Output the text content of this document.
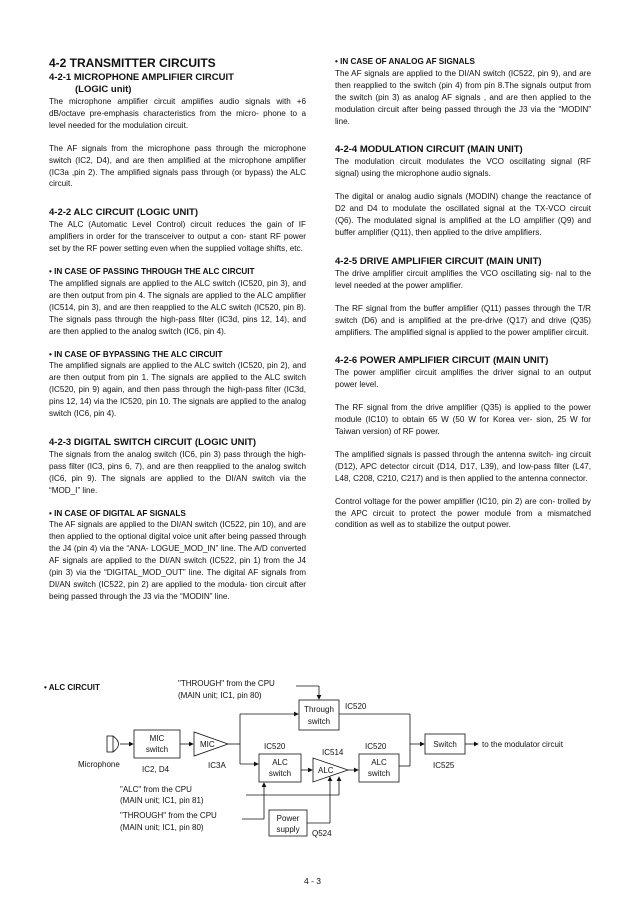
4-2 TRANSMITTER CIRCUITS
4-2-1 MICROPHONE AMPLIFIER CIRCUIT
(LOGIC unit)

The microphone amplifier circuit amplifies audio signals with +6 dB/octave pre-emphasis characteristics from the micro- phone to a level needed for the modulation circuit.

The AF signals from the microphone pass through the microphone switch (IC2, D4), and are then amplified at the microphone amplifier (IC3a ,pin 2). The amplified signals pass through (or bypass) the ALC circuit.

4-2-2 ALC CIRCUIT (LOGIC UNIT)

The ALC (Automatic Level Control) circuit reduces the gain of IF amplifiers in order for the transceiver to output a con- stant RF power set by the RF power setting even when the supplied voltage shifts, etc.

• IN CASE OF PASSING THROUGH THE ALC CIRCUIT

The amplified signals are applied to the ALC switch (IC520, pin 3), and are then output from pin 4. The signals are applied to the ALC amplifier (IC514, pin 3), and are then reapplied to the ALC switch (IC520, pin 8). The signals pass through the high-pass filter (IC3d, pins 12, 14), and are then applied to the analog switch (IC6, pin 4).

• IN CASE OF BYPASSING THE ALC CIRCUIT

The amplified signals are applied to the ALC switch (IC520, pin 2), and are then output from pin 1. The signals are applied to the ALC switch (IC520, pin 9) again, and then pass through the high-pass filter (IC3d, pins 12, 14) via the IC520, pin 10. The signals are applied to the analog switch (IC6, pin 4).

4-2-3 DIGITAL SWITCH CIRCUIT (LOGIC UNIT)

The signals from the analog switch (IC6, pin 3) pass through the high-pass filter (IC3, pins 6, 7), and are then reapplied to the analog switch (IC6, pin 9). The signals are applied to the DI/AN switch via the “MOD_I” line.

• IN CASE OF DIGITAL AF SIGNALS

The AF signals are applied to the DI/AN switch (IC522, pin 10), and are then applied to the optional digital voice unit after being passed through the J4 (pin 4) via the “ANA- LOGUE_MOD_IN” line. The A/D converted AF signals are applied to the DI/AN switch (IC522, pin 1) from the J4 (pin 3) via the “DIGITAL_MOD_OUT” line. The digital AF signals from DI/AN switch (IC522, pin 2) are applied to the modula- tion circuit after being passed through the J3 via the “MODIN” line.

• IN CASE OF ANALOG AF SIGNALS

The AF signals are applied to the DI/AN switch (IC522, pin 9), and are then reapplied to the switch (pin 4) from pin 8.The signals output from the switch (pin 3) as analog AF signals , and are then applied to the modulation circuit after being passed through the J3 via the “MODIN” line.

4-2-4 MODULATION CIRCUIT (MAIN UNIT)

The modulation circuit modulates the VCO oscillating signal (RF signal) using the microphone audio signals.

The digital or analog audio signals (MODIN) change the reactance of D2 and D4 to modulate the oscillated signal at the TX-VCO circuit (Q6). The modulated signal is amplified at the LO amplifier (Q9) and buffer amplifier (Q11), then applied to the drive amplifiers.

4-2-5 DRIVE AMPLIFIER CIRCUIT (MAIN UNIT)

The drive amplifier circuit amplifies the VCO oscillating sig- nal to the level needed at the power amplifier.

The RF signal from the buffer amplifier (Q11) passes through the T/R switch (D6) and is amplified at the pre-drive (Q17) and drive (Q35) amplifiers. The amplified signal is applied to the power amplifier circuit.

4-2-6 POWER AMPLIFIER CIRCUIT (MAIN UNIT)

The power amplifier circuit amplifies the driver signal to an output power level.

The RF signal from the drive amplifier (Q35) is applied to the power module (IC10) to obtain 65 W (50 W for Korea ver- sion, 25 W for Taiwan version) of RF power.

The amplified signals is passed through the antenna switch- ing circuit (D12), APC detector circuit (D14, D17, L39), and low-pass filter (L47, L48, C208, C210, C217) and is then applied to the antenna connector.

Control voltage for the power amplifier (IC10, pin 2) are con- trolled by the APC circuit to protect the power module from a mismatched condition as well as to stabilize the output power.

• ALC CIRCUIT	"THROUGH" from the CPU
(MAIN unit; IC1, pin 80)
Microphone
MIC
switch
IC2, D4
MIC
IC3A
IC520
ALC
switch
Through
switch
IC520
IC514
ALC
IC520
ALC
switch
Switch
IC525
to the modulator circuit
"ALC" from the CPU
(MAIN unit; IC1, pin 81)
"THROUGH" from the CPU
(MAIN unit; IC1, pin 80)
Power
supply Q524
4 - 3
